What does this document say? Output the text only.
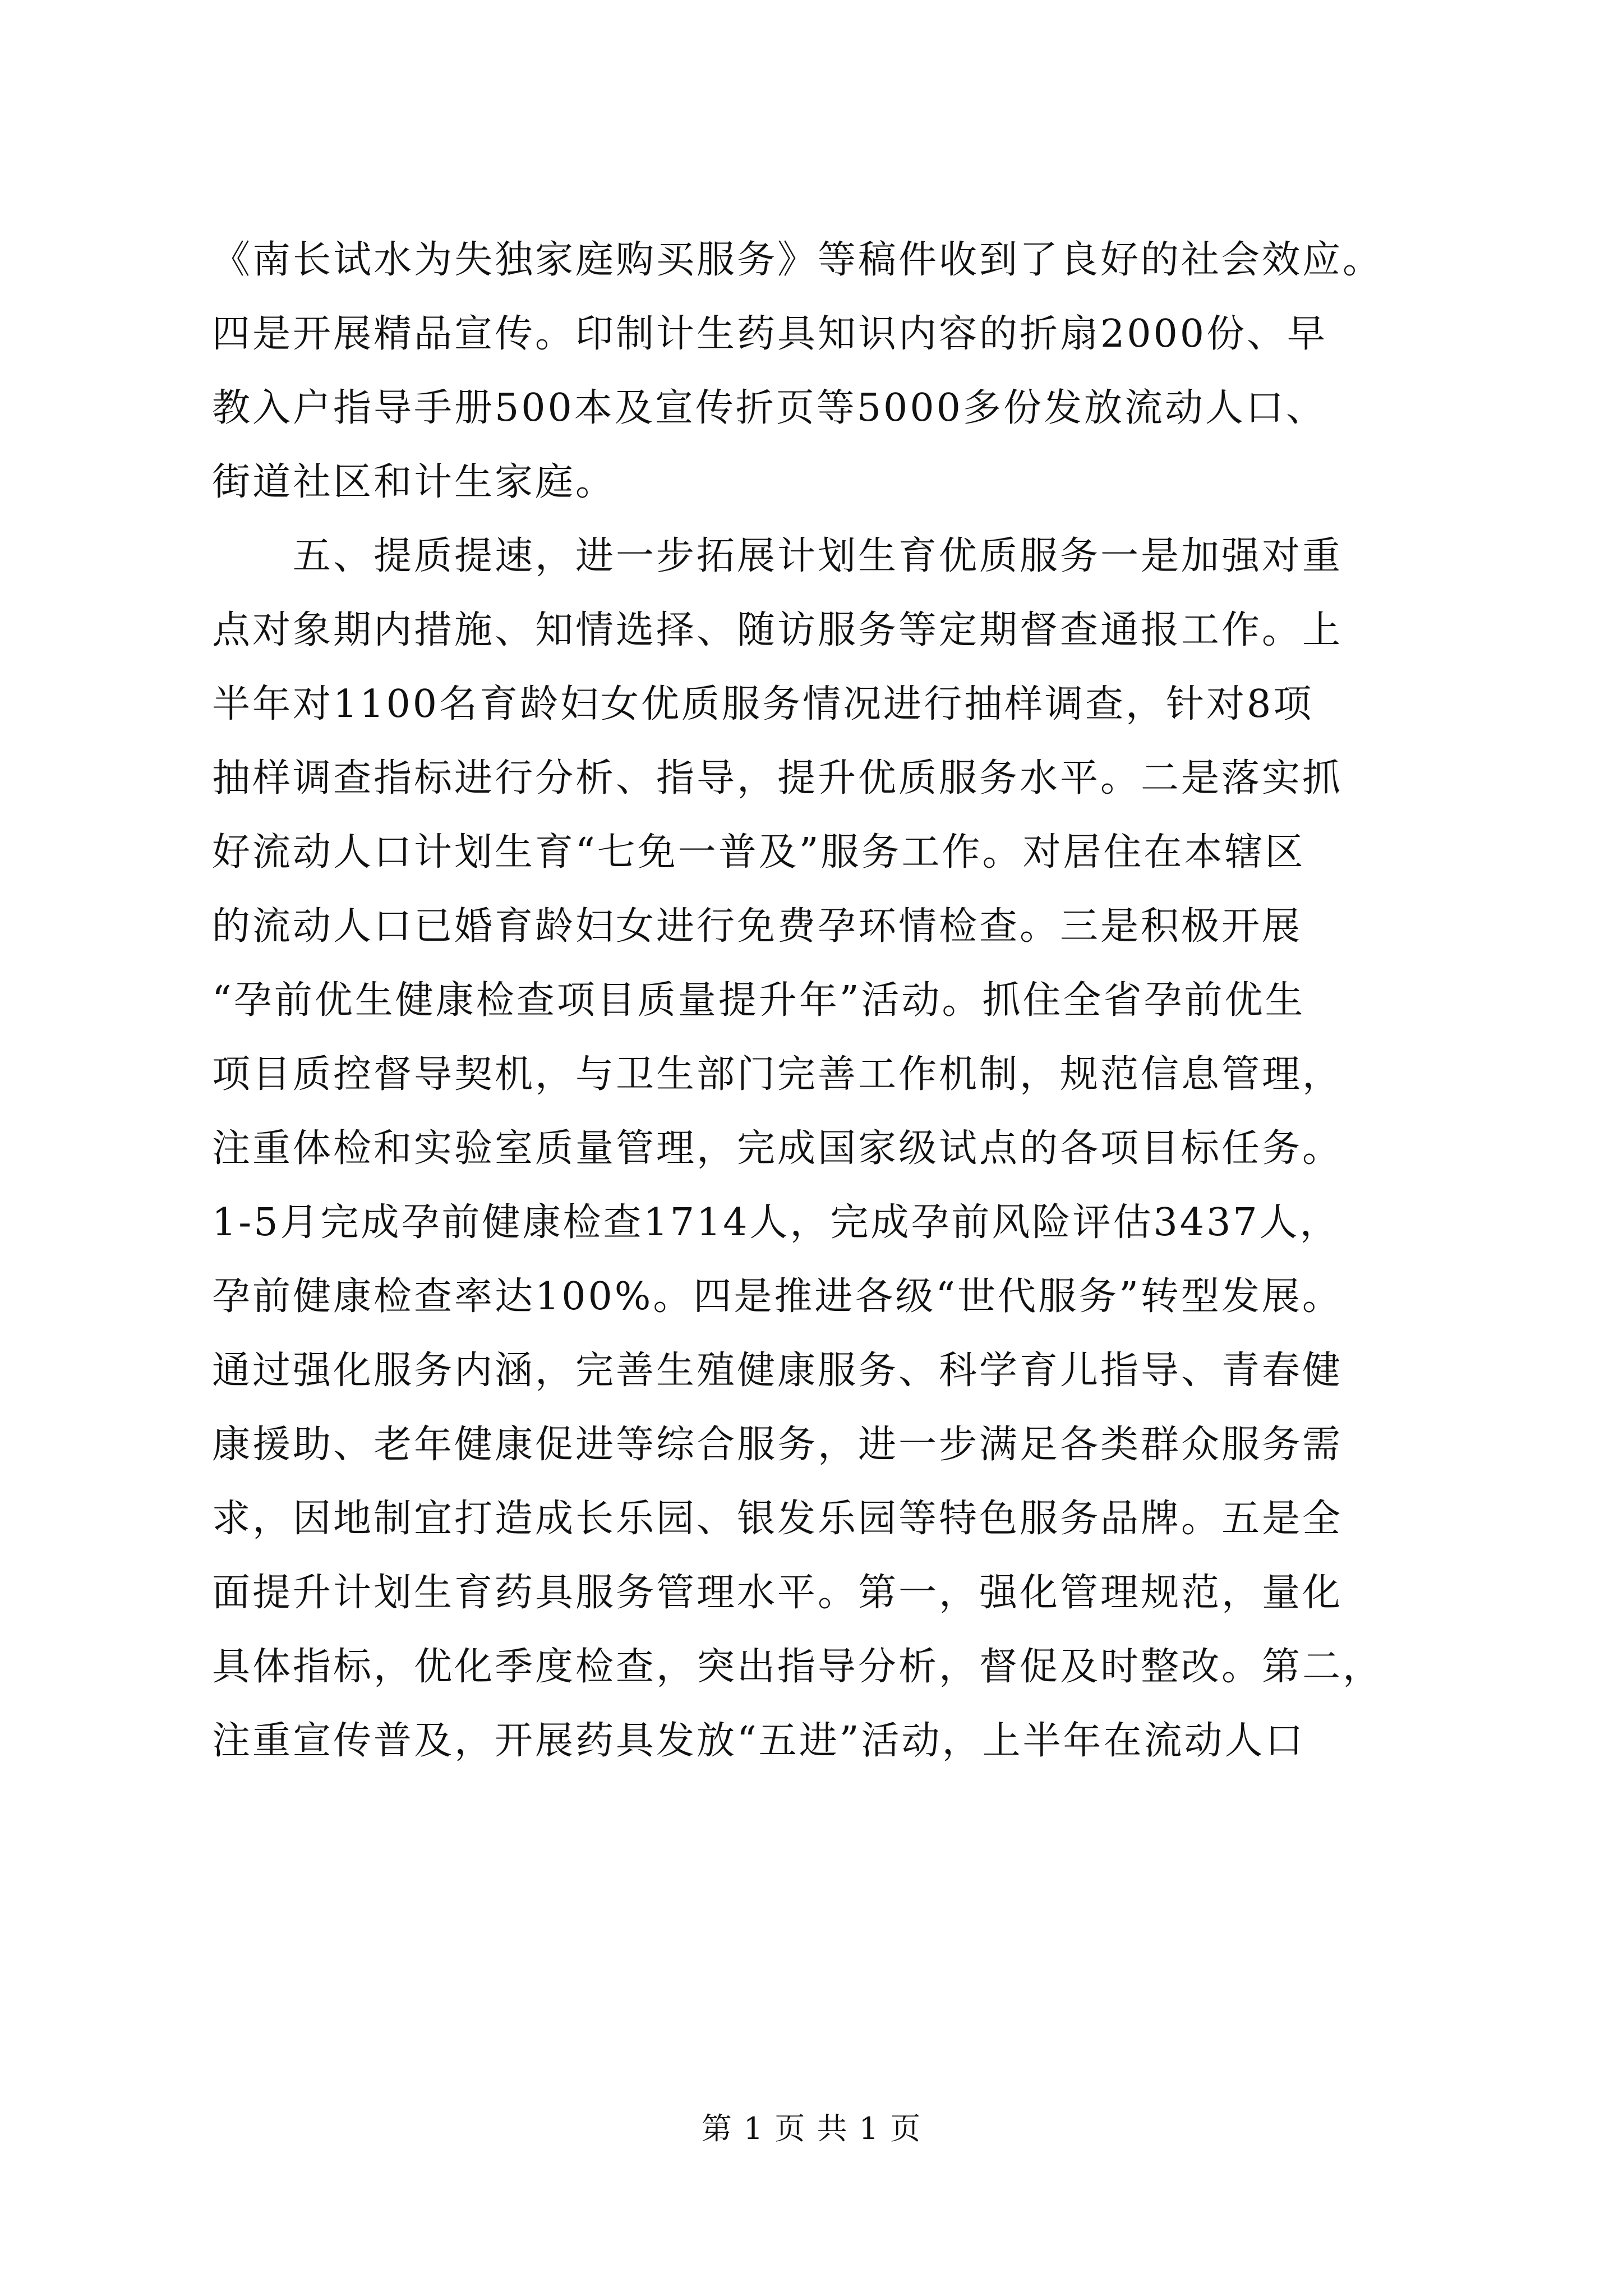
《南长试水为失独家庭购买服务》等稿件收到了良好的社会效应。
四是开展精品宣传。印制计生药具知识内容的折扇2000份、早
教入户指导手册500本及宣传折页等5000多份发放流动人口、
街道社区和计生家庭。
　　五、提质提速，进一步拓展计划生育优质服务一是加强对重
点对象期内措施、知情选择、随访服务等定期督查通报工作。上
半年对1100名育龄妇女优质服务情况进行抽样调查，针对8项
抽样调查指标进行分析、指导，提升优质服务水平。二是落实抓
好流动人口计划生育“七免一普及”服务工作。对居住在本辖区
的流动人口已婚育龄妇女进行免费孕环情检查。三是积极开展
“孕前优生健康检查项目质量提升年”活动。抓住全省孕前优生
项目质控督导契机，与卫生部门完善工作机制，规范信息管理，
注重体检和实验室质量管理，完成国家级试点的各项目标任务。
1-5月完成孕前健康检查1714人，完成孕前风险评估3437人，
孕前健康检查率达100%。四是推进各级“世代服务”转型发展。
通过强化服务内涵，完善生殖健康服务、科学育儿指导、青春健
康援助、老年健康促进等综合服务，进一步满足各类群众服务需
求，因地制宜打造成长乐园、银发乐园等特色服务品牌。五是全
面提升计划生育药具服务管理水平。第一，强化管理规范，量化
具体指标，优化季度检查，突出指导分析，督促及时整改。第二，
注重宣传普及，开展药具发放“五进”活动，上半年在流动人口
第 1 页 共 1 页
